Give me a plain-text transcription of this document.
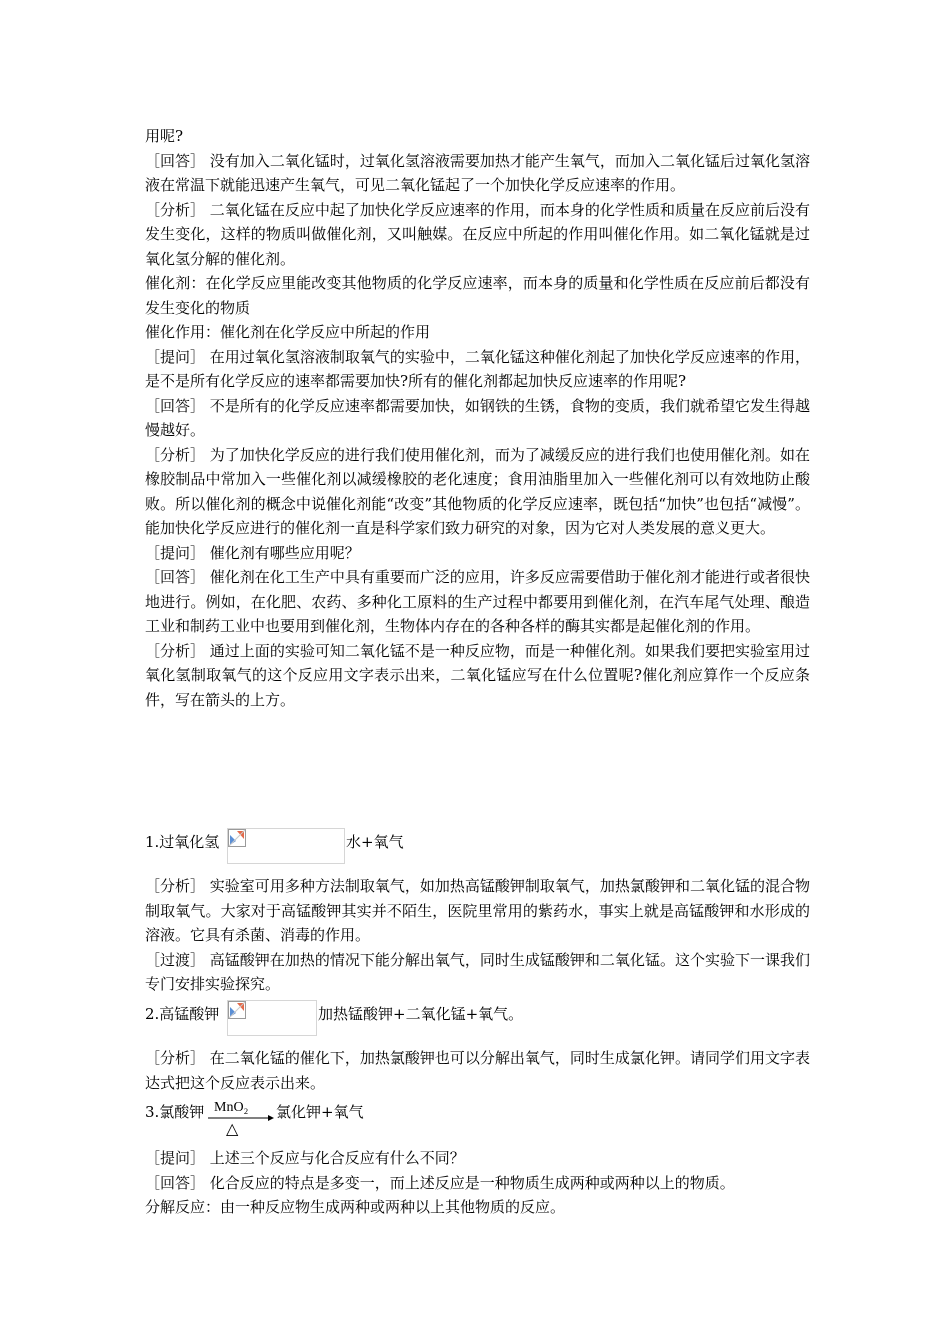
用呢?

［回答］ 没有加入二氧化锰时，过氧化氢溶液需要加热才能产生氧气，而加入二氧化锰后过氧化氢溶液在常温下就能迅速产生氧气，可见二氧化锰起了一个加快化学反应速率的作用。

［分析］ 二氧化锰在反应中起了加快化学反应速率的作用，而本身的化学性质和质量在反应前后没有发生变化，这样的物质叫做催化剂，又叫触媒。在反应中所起的作用叫催化作用。如二氧化锰就是过氧化氢分解的催化剂。

催化剂：在化学反应里能改变其他物质的化学反应速率，而本身的质量和化学性质在反应前后都没有发生变化的物质

催化作用：催化剂在化学反应中所起的作用

［提问］ 在用过氧化氢溶液制取氧气的实验中，二氧化锰这种催化剂起了加快化学反应速率的作用，是不是所有化学反应的速率都需要加快?所有的催化剂都起加快反应速率的作用呢?

［回答］ 不是所有的化学反应速率都需要加快，如钢铁的生锈，食物的变质，我们就希望它发生得越慢越好。

［分析］ 为了加快化学反应的进行我们使用催化剂，而为了减缓反应的进行我们也使用催化剂。如在橡胶制品中常加入一些催化剂以减缓橡胶的老化速度；食用油脂里加入一些催化剂可以有效地防止酸败。所以催化剂的概念中说催化剂能“改变”其他物质的化学反应速率，既包括“加快”也包括“减慢”。能加快化学反应进行的催化剂一直是科学家们致力研究的对象，因为它对人类发展的意义更大。

［提问］ 催化剂有哪些应用呢？

［回答］ 催化剂在化工生产中具有重要而广泛的应用，许多反应需要借助于催化剂才能进行或者很快地进行。例如，在化肥、农药、多种化工原料的生产过程中都要用到催化剂，在汽车尾气处理、酿造工业和制药工业中也要用到催化剂，生物体内存在的各种各样的酶其实都是起催化剂的作用。

［分析］ 通过上面的实验可知二氧化锰不是一种反应物，而是一种催化剂。如果我们要把实验室用过氧化氢制取氧气的这个反应用文字表示出来，二氧化锰应写在什么位置呢?催化剂应算作一个反应条件，写在箭头的上方。

1.过氧化氢	水+氧气

［分析］ 实验室可用多种方法制取氧气，如加热高锰酸钾制取氧气，加热氯酸钾和二氧化锰的混合物制取氧气。大家对于高锰酸钾其实并不陌生，医院里常用的紫药水，事实上就是高锰酸钾和水形成的溶液。它具有杀菌、消毒的作用。

［过渡］ 高锰酸钾在加热的情况下能分解出氧气，同时生成锰酸钾和二氧化锰。这个实验下一课我们专门安排实验探究。

2.高锰酸钾	加热锰酸钾+二氧化锰+氧气。

［分析］ 在二氧化锰的催化下，加热氯酸钾也可以分解出氧气，同时生成氯化钾。请同学们用文字表达式把这个反应表示出来。

3.氯酸钾 MnO₂
△
氯化钾+氧气

［提问］ 上述三个反应与化合反应有什么不同？

［回答］ 化合反应的特点是多变一，而上述反应是一种物质生成两种或两种以上的物质。

分解反应：由一种反应物生成两种或两种以上其他物质的反应。
